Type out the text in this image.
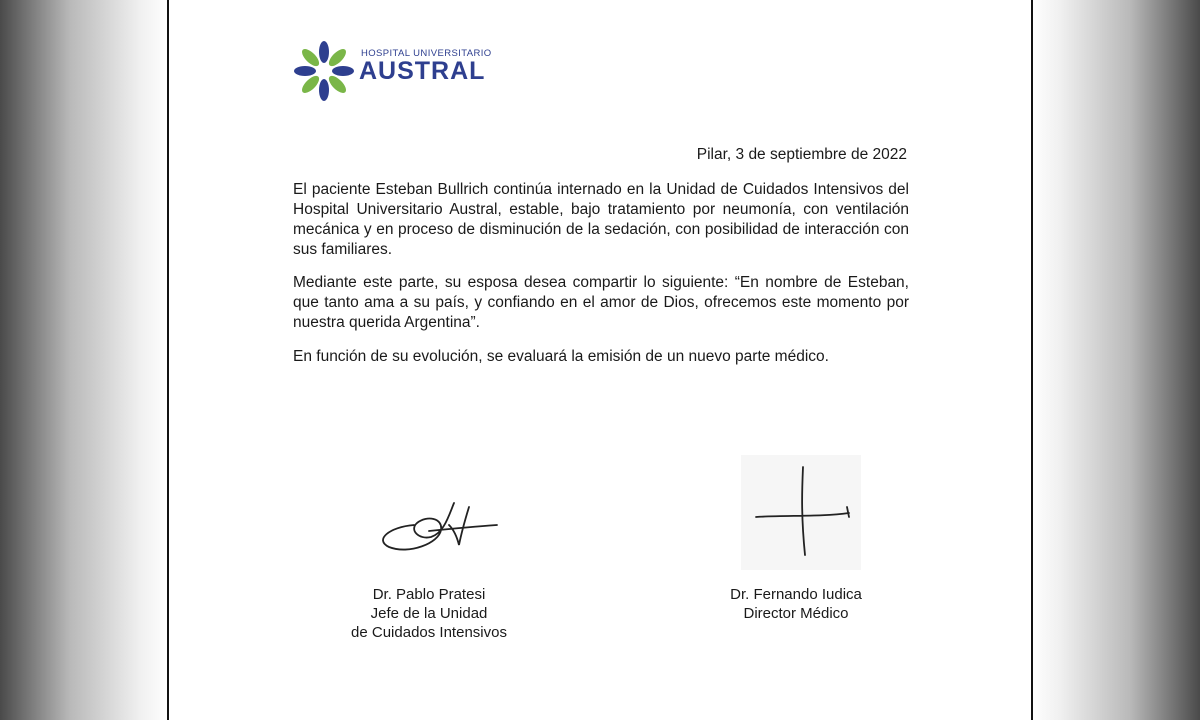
HOSPITAL UNIVERSITARIO
AUSTRAL
Pilar, 3 de septiembre de 2022

El paciente Esteban Bullrich continúa internado en la Unidad de Cuidados Intensivos del Hospital Universitario Austral, estable, bajo tratamiento por neumonía, con ventilación mecánica y en proceso de disminución de la sedación, con posibilidad de interacción con sus familiares.

Mediante este parte, su esposa desea compartir lo siguiente: “En nombre de Esteban, que tanto ama a su país, y confiando en el amor de Dios, ofrecemos este momento por nuestra querida Argentina”.

En función de su evolución, se evaluará la emisión de un nuevo parte médico.

Dr. Pablo Pratesi
Jefe de la Unidad
de Cuidados Intensivos
Dr. Fernando Iudica
Director Médico
